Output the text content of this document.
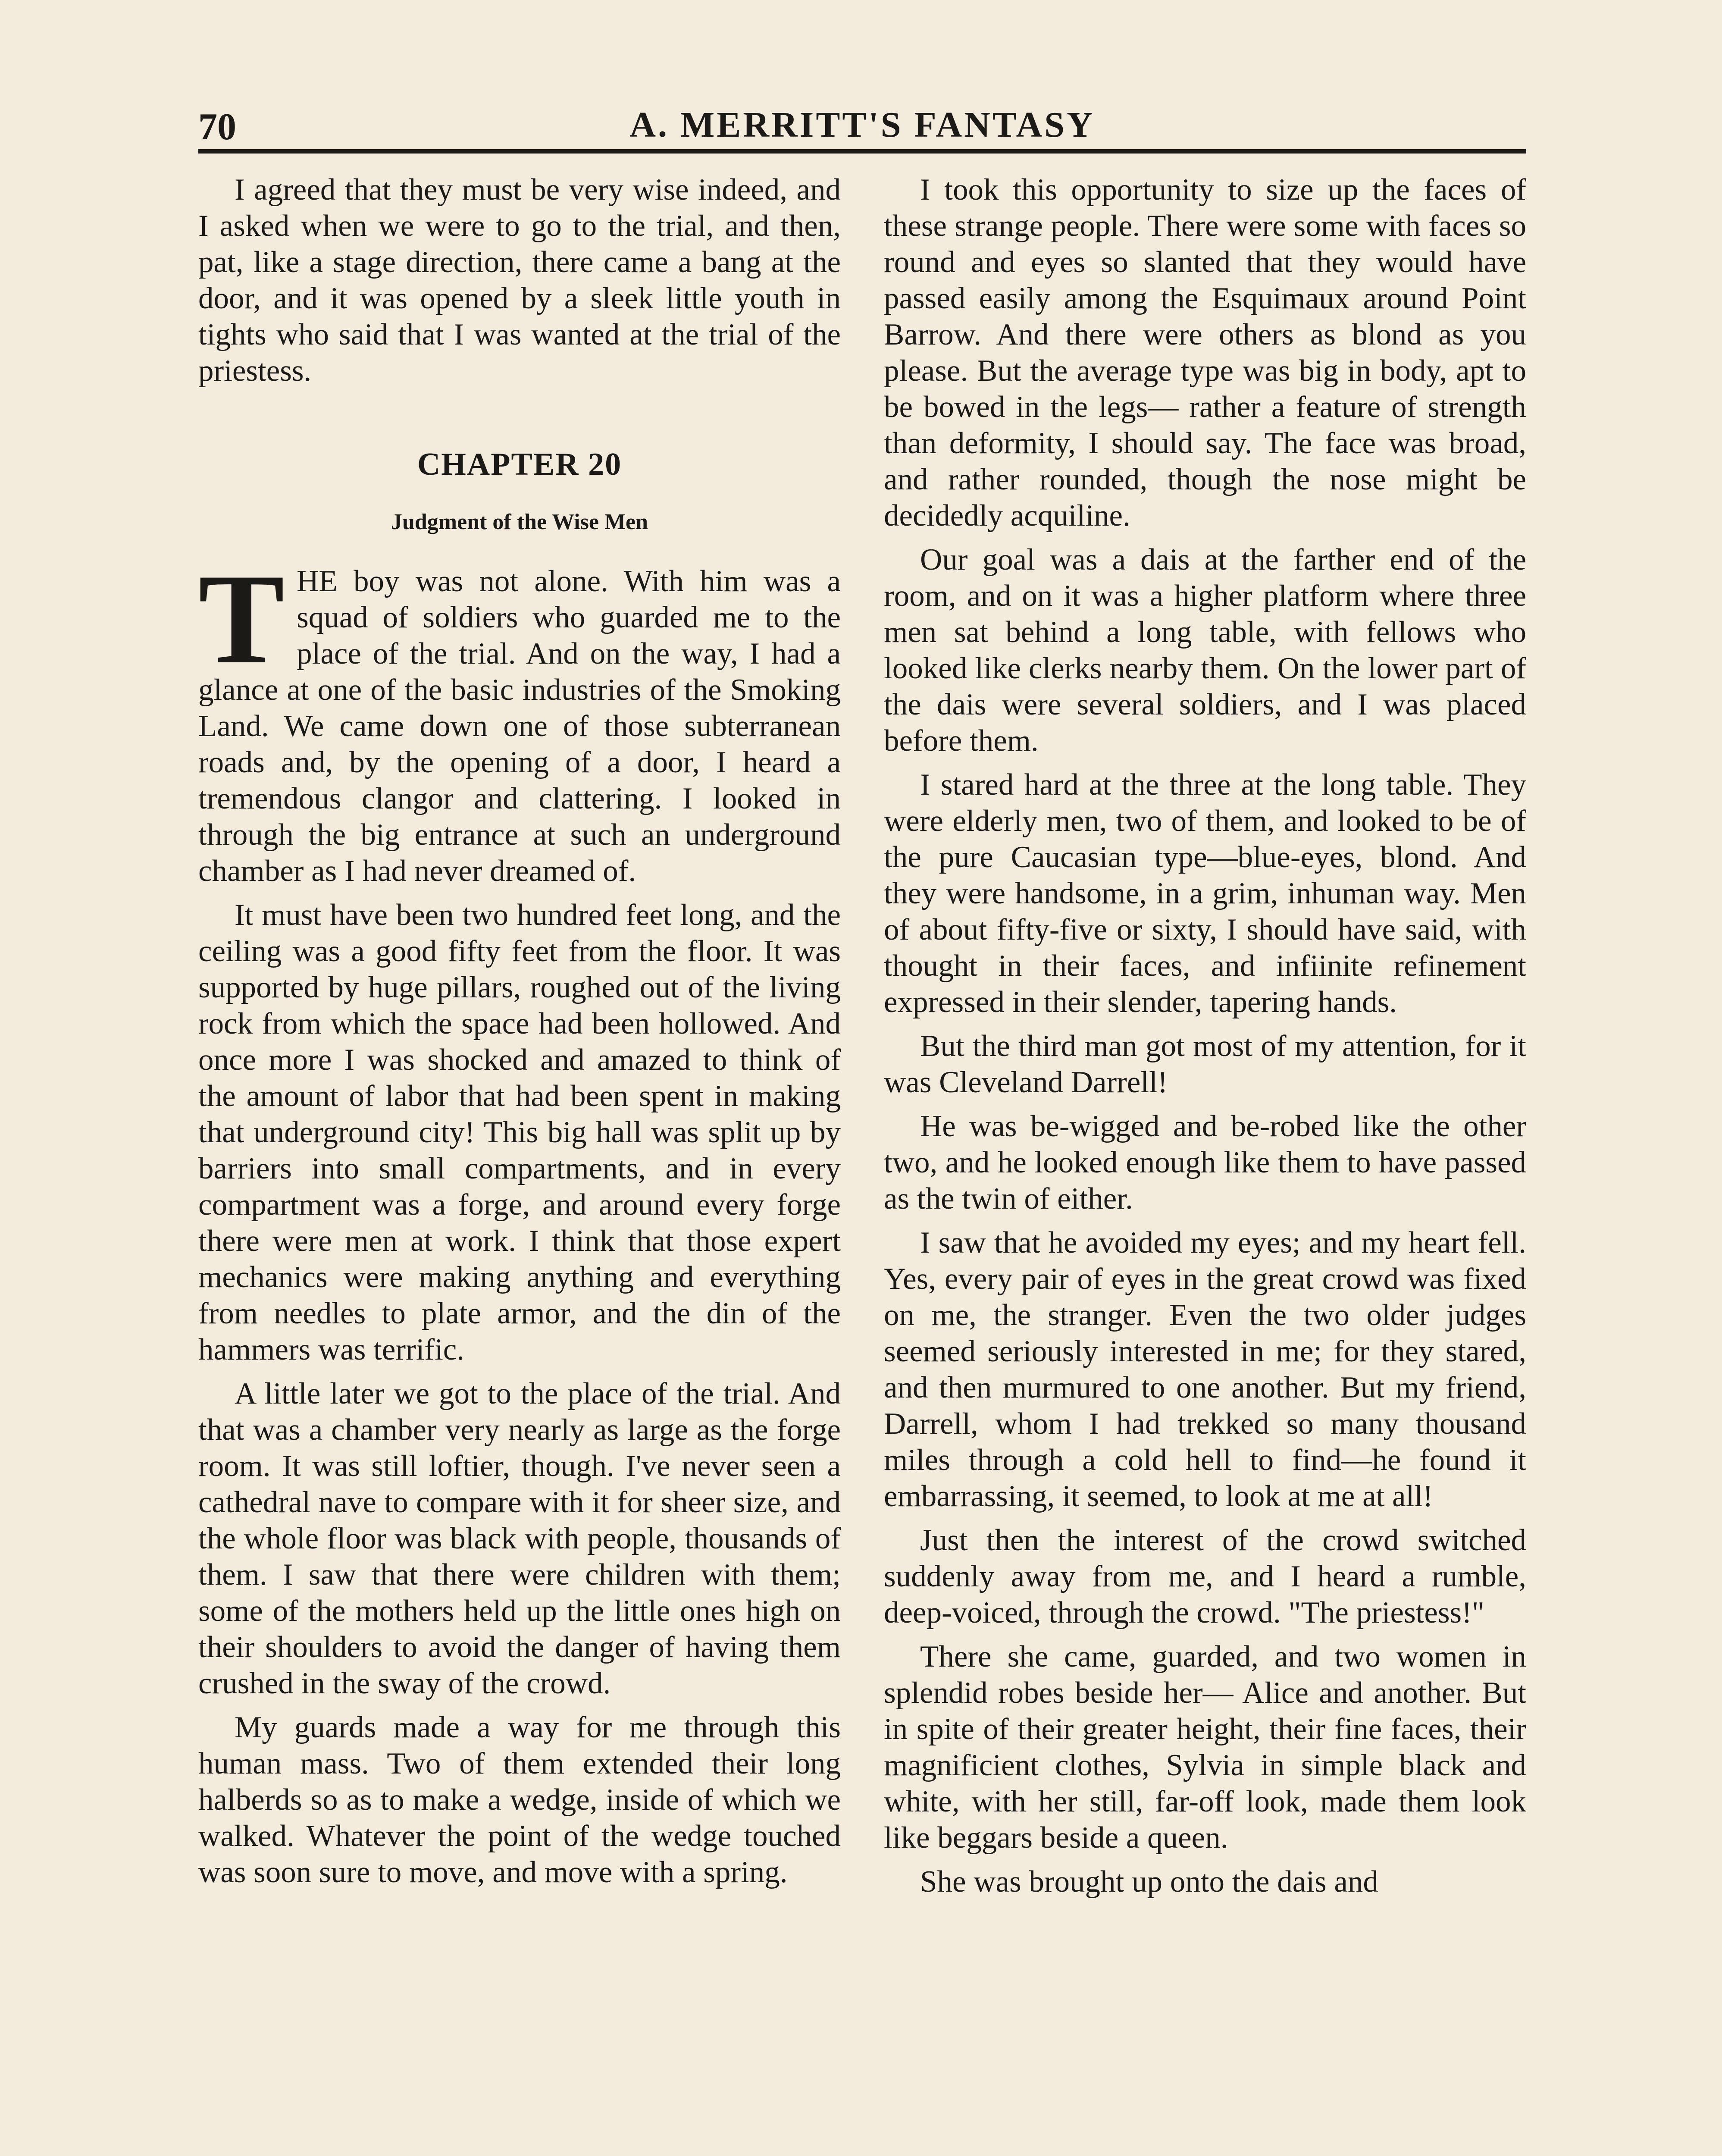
70	A. MERRITT'S FANTASY

I agreed that they must be very wise indeed, and I asked when we were to go to the trial, and then, pat, like a stage direction, there came a bang at the door, and it was opened by a sleek little youth in tights who said that I was wanted at the trial of the priestess.

CHAPTER 20
Judgment of the Wise Men

THE boy was not alone. With him was a squad of soldiers who guarded me to the place of the trial. And on the way, I had a glance at one of the basic industries of the Smoking Land. We came down one of those subterranean roads and, by the opening of a door, I heard a tremendous clangor and clattering. I looked in through the big entrance at such an underground chamber as I had never dreamed of.

It must have been two hundred feet long, and the ceiling was a good fifty feet from the floor. It was supported by huge pillars, roughed out of the living rock from which the space had been hollowed. And once more I was shocked and amazed to think of the amount of labor that had been spent in making that underground city! This big hall was split up by barriers into small compartments, and in every compartment was a forge, and around every forge there were men at work. I think that those expert mechanics were making anything and everything from needles to plate armor, and the din of the hammers was terrific.

A little later we got to the place of the trial. And that was a chamber very nearly as large as the forge room. It was still loftier, though. I've never seen a cathedral nave to compare with it for sheer size, and the whole floor was black with people, thousands of them. I saw that there were children with them; some of the mothers held up the little ones high on their shoulders to avoid the danger of having them crushed in the sway of the crowd.

My guards made a way for me through this human mass. Two of them extended their long halberds so as to make a wedge, inside of which we walked. Whatever the point of the wedge touched was soon sure to move, and move with a spring.

I took this opportunity to size up the faces of these strange people. There were some with faces so round and eyes so slanted that they would have passed easily among the Esquimaux around Point Barrow. And there were others as blond as you please. But the average type was big in body, apt to be bowed in the legs— rather a feature of strength than deformity, I should say. The face was broad, and rather rounded, though the nose might be decidedly acquiline.

Our goal was a dais at the farther end of the room, and on it was a higher platform where three men sat behind a long table, with fellows who looked like clerks nearby them. On the lower part of the dais were several soldiers, and I was placed before them.

I stared hard at the three at the long table. They were elderly men, two of them, and looked to be of the pure Caucasian type—blue-eyes, blond. And they were handsome, in a grim, inhuman way. Men of about fifty-five or sixty, I should have said, with thought in their faces, and infiinite refinement expressed in their slender, tapering hands.

But the third man got most of my attention, for it was Cleveland Darrell!

He was be-wigged and be-robed like the other two, and he looked enough like them to have passed as the twin of either.

I saw that he avoided my eyes; and my heart fell. Yes, every pair of eyes in the great crowd was fixed on me, the stranger. Even the two older judges seemed seriously interested in me; for they stared, and then murmured to one another. But my friend, Darrell, whom I had trekked so many thousand miles through a cold hell to find—he found it embarrassing, it seemed, to look at me at all!

Just then the interest of the crowd switched suddenly away from me, and I heard a rumble, deep-voiced, through the crowd. "The priestess!"

There she came, guarded, and two women in splendid robes beside her— Alice and another. But in spite of their greater height, their fine faces, their magnificient clothes, Sylvia in simple black and white, with her still, far-off look, made them look like beggars beside a queen.

She was brought up onto the dais and
